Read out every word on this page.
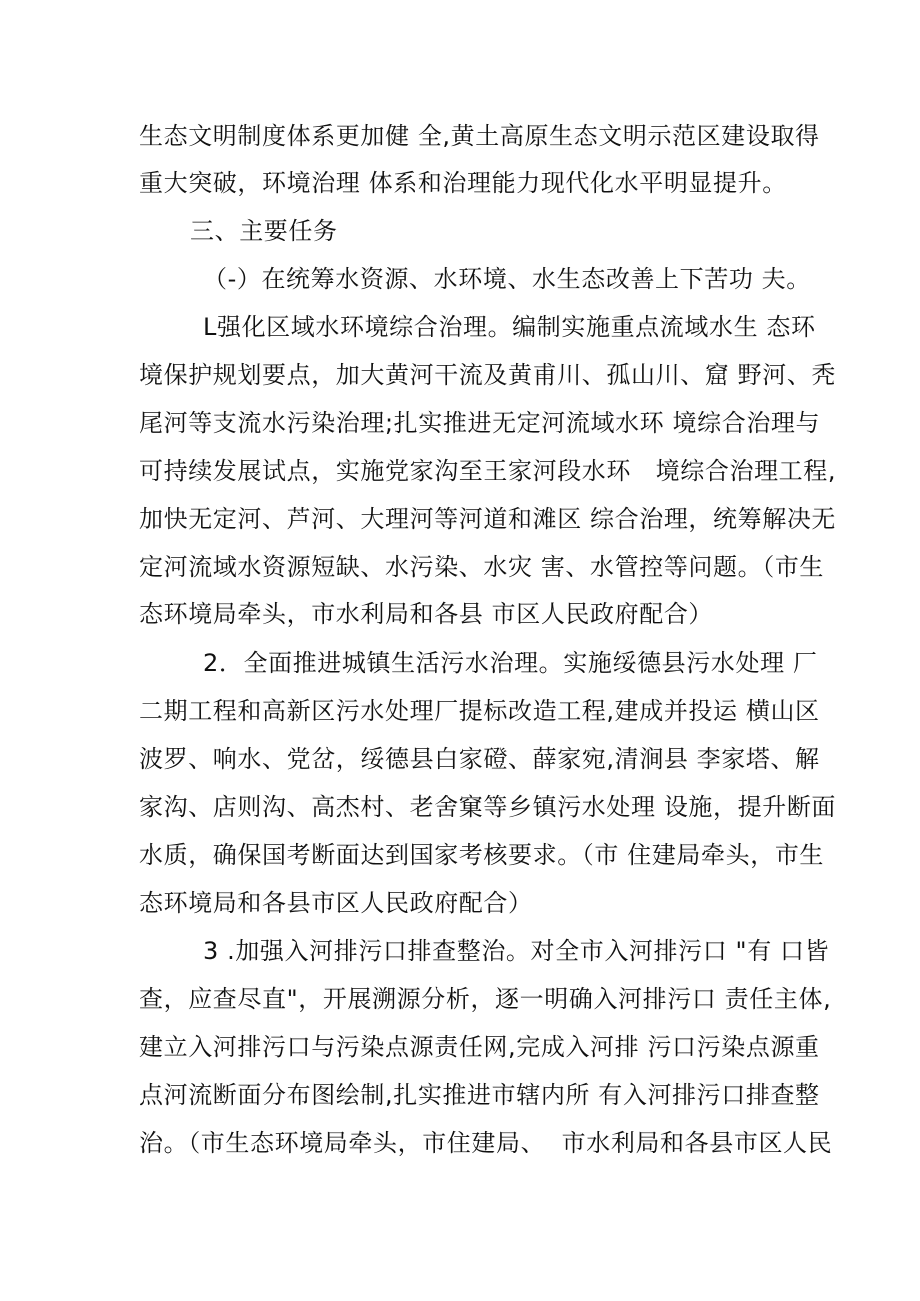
生态文明制度体系更加健 全,黄土高原生态文明示范区建设取得
重大突破，环境治理 体系和治理能力现代化水平明显提升。
三、主要任务
（-）在统筹水资源、水环境、水生态改善上下苦功 夫。
L强化区域水环境综合治理。编制实施重点流域水生 态环
境保护规划要点，加大黄河干流及黄甫川、孤山川、窟 野河、秃
尾河等支流水污染治理;扎实推进无定河流域水环 境综合治理与
可持续发展试点，实施党家沟至王家河段水环   境综合治理工程,
加快无定河、芦河、大理河等河道和滩区 综合治理，统筹解决无
定河流域水资源短缺、水污染、水灾 害、水管控等问题。（市生
态环境局牵头，市水利局和各县 市区人民政府配合）
2．全面推进城镇生活污水治理。实施绥德县污水处理 厂
二期工程和高新区污水处理厂提标改造工程,建成并投运 横山区
波罗、响水、党岔，绥德县白家磴、薛家宛,清涧县 李家塔、解
家沟、店则沟、高杰村、老舍窠等乡镇污水处理 设施，提升断面
水质，确保国考断面达到国家考核要求。（市 住建局牵头，市生
态环境局和各县市区人民政府配合）
3 .加强入河排污口排查整治。对全市入河排污口 "有 口皆
查，应查尽直"，开展溯源分析，逐一明确入河排污口 责任主体,
建立入河排污口与污染点源责任网,完成入河排 污口污染点源重
点河流断面分布图绘制,扎实推进市辖内所 有入河排污口排查整
治。（市生态环境局牵头，市住建局、  市水利局和各县市区人民
